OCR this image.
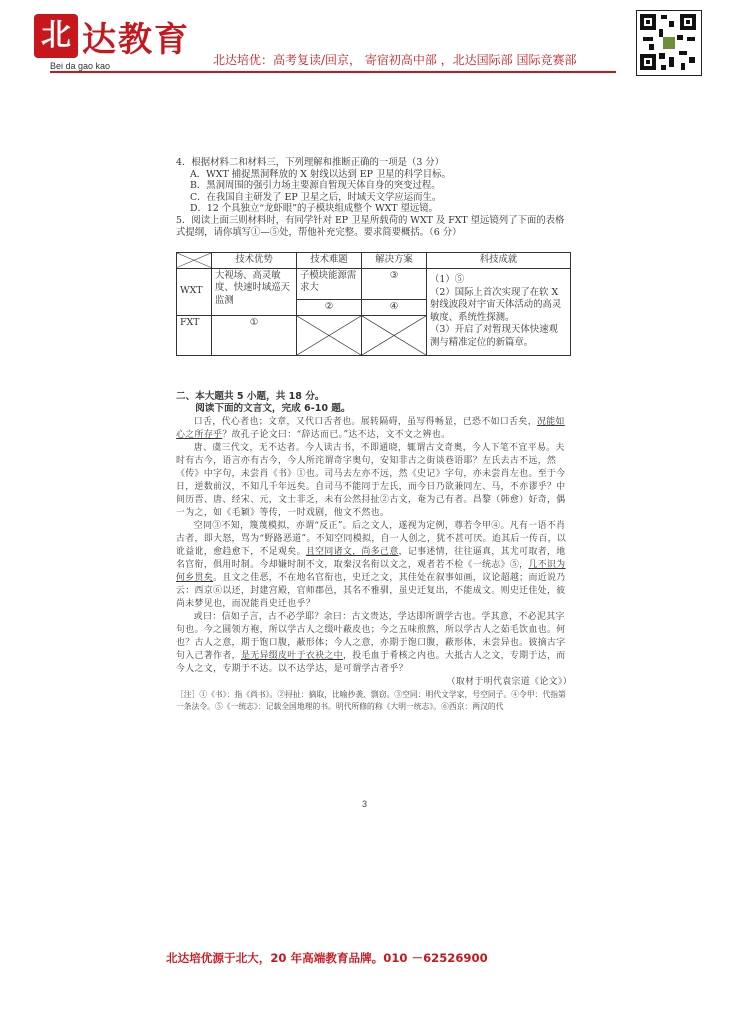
北 达教育
Bei da gao kao	北达培优：高考复读/回京， 寄宿初高中部 ，北达国际部 国际竞赛部

4．根据材料二和材料三，下列理解和推断正确的一项是（3 分）

A．WXT 捕捉黑洞释放的 X 射线以达到 EP 卫星的科学目标。

B．黑洞周围的强引力场主要源自暂现天体自身的突变过程。

C．在我国自主研发了 EP 卫星之后，时域天文学应运而生。

D．12 个具独立“龙虾眼”的子模块组成整个 WXT 望远镜。

5．阅读上面三则材料时，有同学针对 EP 卫星所载荷的 WXT 及 FXT 望远镜列了下面的表格

式提纲，请你填写①—⑤处，帮他补充完整。要求简要概括。（6 分）

	技术优势	技术难题	解决方案	科技成就
WXT	大视场、高灵敏度、快速时域巡天监测	子模块能源需求大	③	（1）⑤
（2）国际上首次实现了在软 X 射线波段对宇宙天体活动的高灵敏度、系统性探测。
（3）开启了对暂现天体快速观测与精准定位的新篇章。

		②	④	
FXT	①	

二、本大题共 5 小题，共 18 分。

阅读下面的文言文，完成 6-10 题。

口舌，代心者也；文章，又代口舌者也。展转隔碍，虽写得畅显，已恐不如口舌矣，况能如心之所存乎？故孔子论文曰：“辞达而已。”达不达，文不文之辨也。

唐、虞三代文，无不达者。今人读古书，不即通晓，辄谓古文奇奥，今人下笔不宜平易。夫时有古今，语言亦有古今，今人所诧谓奇字奥句，安知非古之街谈巷语耶？左氏去古不远，然《传》中字句，未尝肖《书》①也。司马去左亦不远，然《史记》字句，亦未尝肖左也。至于今日，逆数前汉，不知几千年远矣。自司马不能同于左氏，而今日乃欲兼同左、马，不亦谬乎？中间历晋、唐、经宋、元，文士非乏，未有公然挦扯②古文，奄为己有者。昌黎（韩愈）好奇，偶一为之，如《毛颖》等传，一时戏剧，他文不然也。

空同③不知，篾蔑模拟，亦谓“反正”。后之文人，遂视为定例，尊若令甲④。凡有一语不肖古者，即大怒，骂为“野路恶道”。不知空同模拟，自一人创之，犹不甚可厌。迨其后一传百，以讹益讹，愈趋愈下，不足观矣。且空同诸文，尚多己意，记事述情，往往逼真，其尤可取者，地名官衔，俱用时制。今却嫌时制不文，取秦汉名衔以文之，观者若不检《一统志》⑤，几不识为何乡贯矣。且文之佳恶，不在地名官衔也，史迁之文，其佳处在叙事如画，议论超越；而近说乃云：西京⑥以还，封建宫殿，官师郡邑，其名不雅驯，虽史迁复出，不能成文。则史迁佳处，彼尚未梦见也，而况能肖史迁也乎？

或曰：信如子言，古不必学耶？余曰：古文贵达，学达即所谓学古也。学其意，不必泥其字句也。今之圆领方袍，所以学古人之缀叶蔽皮也；今之五味煎熬，所以学古人之茹毛饮血也。何也？古人之意，期于饱口腹，蔽形体；今人之意，亦期于饱口腹，蔽形体，未尝异也。彼摘古字句入己著作者，是无异缀皮叶于衣袂之中，投毛血于肴核之内也。大抵古人之文，专期于达，而今人之文，专期于不达。以不达学达，是可谓学古者乎？

（取材于明代袁宗道《论文》）

［注］①《书》：指《尚书》。②挦扯：摘取，比喻抄袭、剽窃。③空同：明代文学家，号空同子。④令甲：代指第一条法令。⑤《一统志》：记载全国地理的书。明代所修的称《大明一统志》。⑥西京：两汉的代

3
北达培优源于北大，20 年高端教育品牌。010 －62526900
